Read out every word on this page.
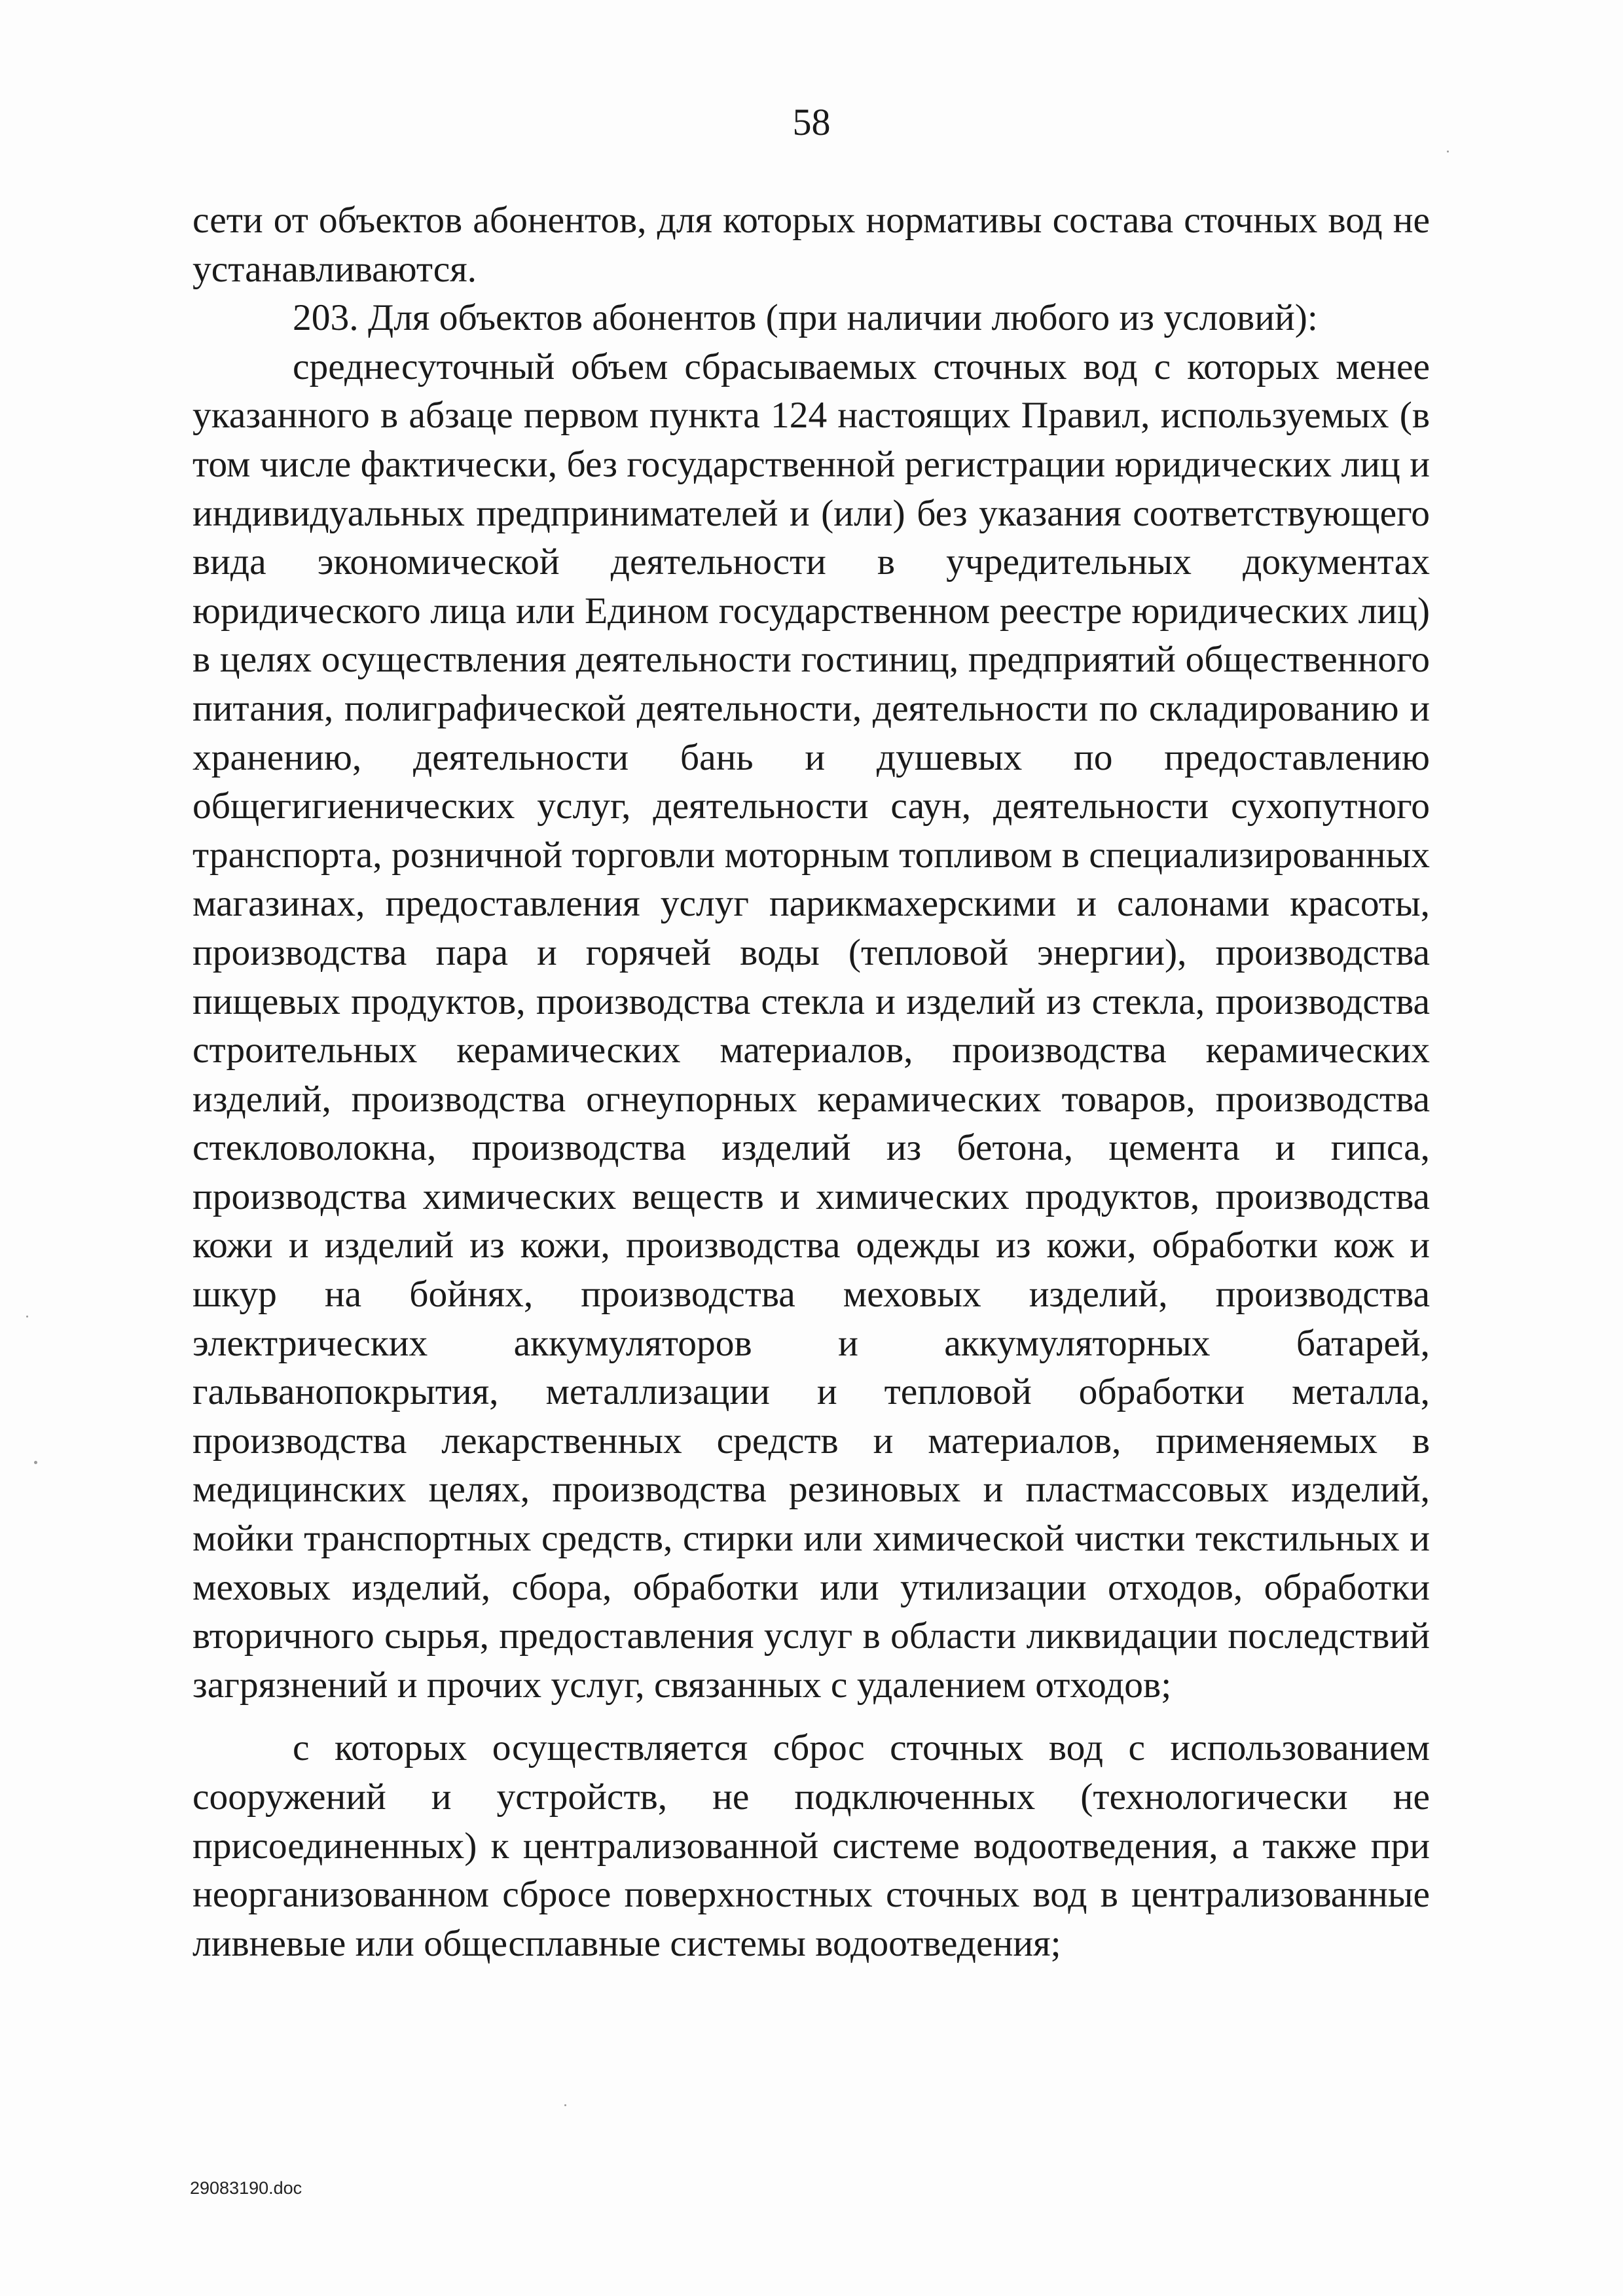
58

сети от объектов абонентов, для которых нормативы состава сточных вод не устанавливаются.

203. Для объектов абонентов (при наличии любого из условий):

среднесуточный объем сбрасываемых сточных вод с которых менее указанного в абзаце первом пункта 124 настоящих Правил, используемых (в том числе фактически, без государственной регистрации юридических лиц и индивидуальных предпринимателей и (или) без указания соответствующего вида экономической деятельности в учредительных документах юридического лица или Едином государственном реестре юридических лиц) в целях осуществления деятельности гостиниц, предприятий общественного питания, полиграфической деятельности, деятельности по складированию и хранению, деятельности бань и душевых по предоставлению общегигиенических услуг, деятельности саун, деятельности сухопутного транспорта, розничной торговли моторным топливом в специализированных магазинах, предоставления услуг парикмахерскими и салонами красоты, производства пара и горячей воды (тепловой энергии), производства пищевых продуктов, производства стекла и изделий из стекла, производства строительных керамических материалов, производства керамических изделий, производства огнеупорных керамических товаров, производства стекловолокна, производства изделий из бетона, цемента и гипса, производства химических веществ и химических продуктов, производства кожи и изделий из кожи, производства одежды из кожи, обработки кож и шкур на бойнях, производства меховых изделий, производства электрических аккумуляторов и аккумуляторных батарей, гальванопокрытия, металлизации и тепловой обработки металла, производства лекарственных средств и материалов, применяемых в медицинских целях, производства резиновых и пластмассовых изделий, мойки транспортных средств, стирки или химической чистки текстильных и меховых изделий, сбора, обработки или утилизации отходов, обработки вторичного сырья, предоставления услуг в области ликвидации последствий загрязнений и прочих услуг, связанных с удалением отходов;

с которых осуществляется сброс сточных вод с использованием сооружений и устройств, не подключенных (технологически не присоединенных) к централизованной системе водоотведения, а также при неорганизованном сбросе поверхностных сточных вод в централизованные ливневые или общесплавные системы водоотведения;

29083190.doc
